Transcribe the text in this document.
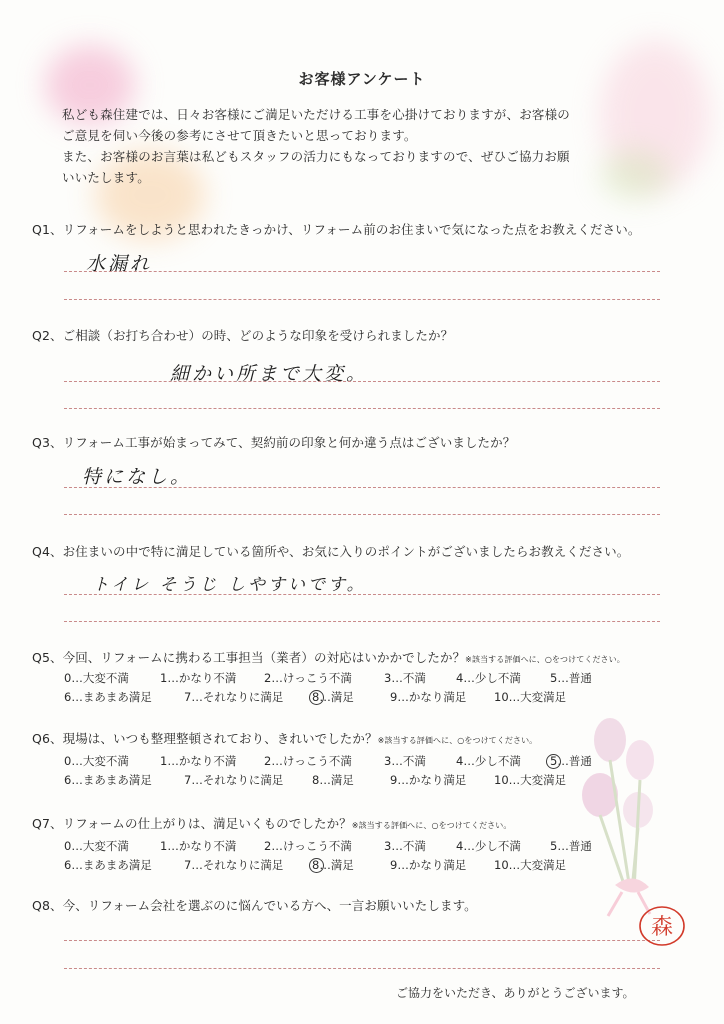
お客様アンケート
私ども森住建では、日々お客様にご満足いただける工事を心掛けておりますが、お客様の
ご意見を伺い今後の参考にさせて頂きたいと思っております。
また、お客様のお言葉は私どもスタッフの活力にもなっておりますので、ぜひご協力お願
いいたします。
Q1、リフォームをしようと思われたきっかけ、リフォーム前のお住まいで気になった点をお教えください。
水漏れ
Q2、ご相談（お打ち合わせ）の時、どのような印象を受けられましたか？
細かい所まで大変。
Q3、リフォーム工事が始まってみて、契約前の印象と何か違う点はございましたか？
特になし。
Q4、お住まいの中で特に満足している箇所や、お気に入りのポイントがございましたらお教えください。
トイレ そうじ しやすいです。
Q5、今回、リフォームに携わる工事担当（業者）の対応はいかかでしたか？※該当する評価へに、○をつけてください。
0…大変不満	1…かなり不満 2…けっこう不満	3…不満	4…少し不満	5…普通
6…まあまあ満足	7…それなりに満足 8…満足	9…かなり満足 10…大変満足
Q6、現場は、いつも整理整頓されており、きれいでしたか？※該当する評価へに、○をつけてください。
0…大変不満	1…かなり不満 2…けっこう不満	3…不満	4…少し不満	5…普通
6…まあまあ満足	7…それなりに満足 8…満足	9…かなり満足 10…大変満足
Q7、リフォームの仕上がりは、満足いくものでしたか？※該当する評価へに、○をつけてください。
0…大変不満	1…かなり不満 2…けっこう不満	3…不満	4…少し不満	5…普通
6…まあまあ満足	7…それなりに満足 8…満足	9…かなり満足 10…大変満足
Q8、今、リフォーム会社を選ぶのに悩んでいる方へ、一言お願いいたします。
森
ご協力をいただき、ありがとうございます。
